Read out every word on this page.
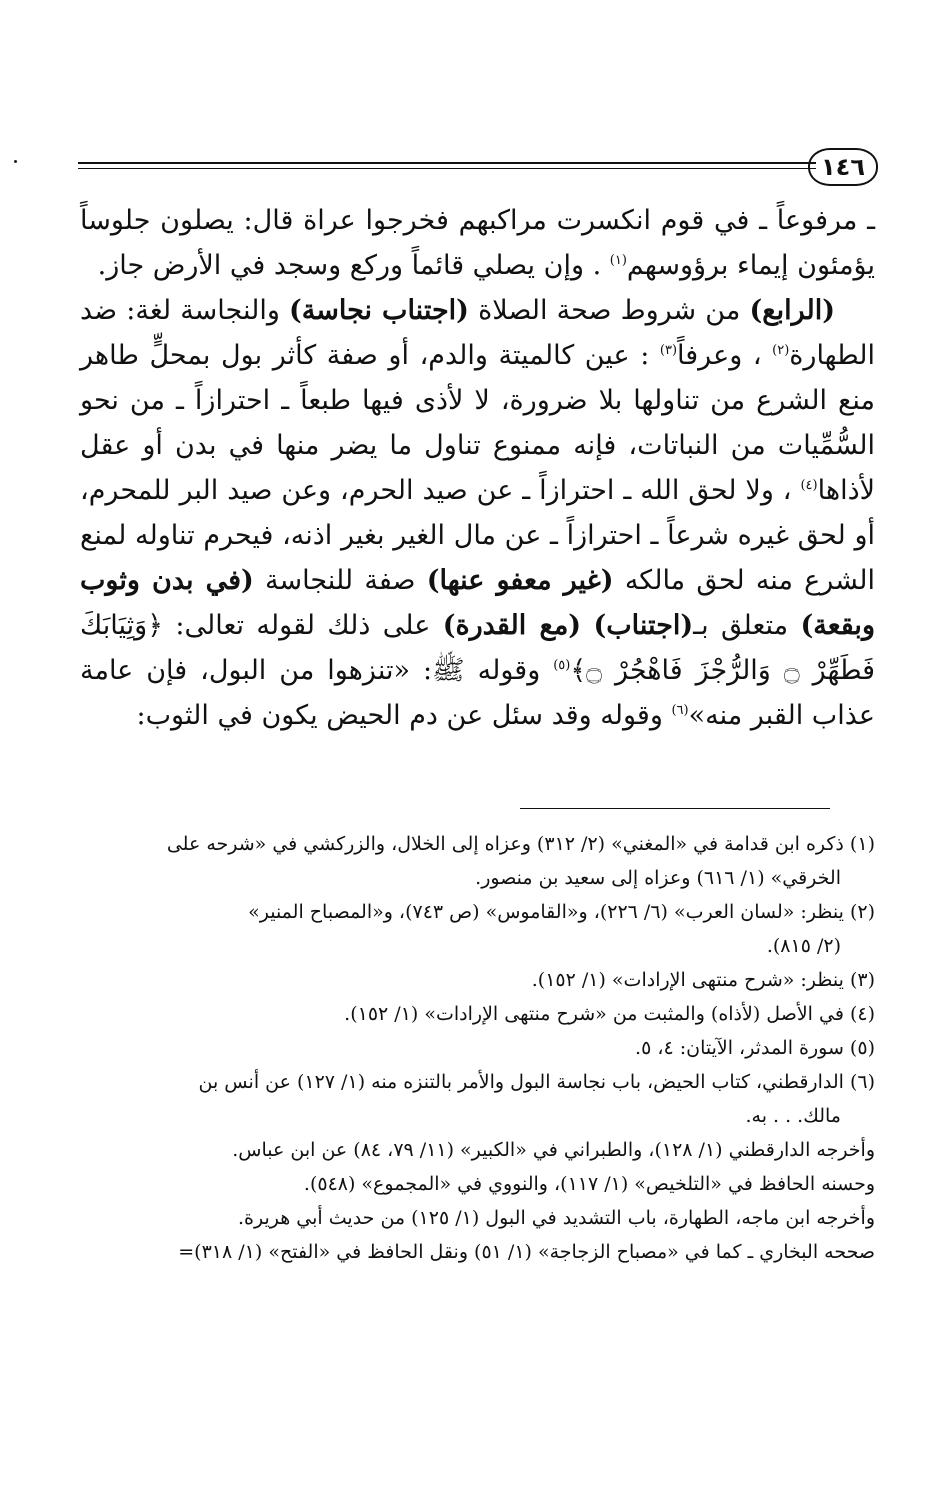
١٤٦

ـ مرفوعاً ـ في قوم انكسرت مراكبهم فخرجوا عراة قال: يصلون جلوساً يؤمئون إيماء برؤوسهم$^{(١)}$ . وإن يصلي قائماً وركع وسجد في الأرض جاز.

(الرابع) من شروط صحة الصلاة (اجتناب نجاسة) والنجاسة لغة: ضد الطهارة$^{(٢)}$ ، وعرفاً$^{(٣)}$ : عين كالميتة والدم، أو صفة كأثر بول بمحلٍّ طاهر منع الشرع من تناولها بلا ضرورة، لا لأذى فيها طبعاً ـ احترازاً ـ من نحو السُّمِّيات من النباتات، فإنه ممنوع تناول ما يضر منها في بدن أو عقل لأذاها$^{(٤)}$ ، ولا لحق الله ـ احترازاً ـ عن صيد الحرم، وعن صيد البر للمحرم، أو لحق غيره شرعاً ـ احترازاً ـ عن مال الغير بغير اذنه، فيحرم تناوله لمنع الشرع منه لحق مالكه (غير معفو عنها) صفة للنجاسة (في بدن وثوب وبقعة) متعلق بـ(اجتناب) (مع القدرة) على ذلك لقوله تعالى: ﴿وَثِيَابَكَ فَطَهِّرْ ۝ وَالرُّجْزَ فَاهْجُرْ ۝﴾$^{(٥)}$ وقوله ﷺ: «تنزهوا من البول، فإن عامة عذاب القبر منه»$^{(٦)}$ وقوله وقد سئل عن دم الحيض يكون في الثوب:

(١) ذكره ابن قدامة في «المغني» (٢/ ٣١٢) وعزاه إلى الخلال، والزركشي في «شرحه على

الخرقي» (١/ ٦١٦) وعزاه إلى سعيد بن منصور.

(٢) ينظر: «لسان العرب» (٦/ ٢٢٦)، و«القاموس» (ص ٧٤٣)، و«المصباح المنير»

(٢/ ٨١٥).

(٣) ينظر: «شرح منتهى الإرادات» (١/ ١٥٢).

(٤) في الأصل (لأذاه) والمثبت من «شرح منتهى الإرادات» (١/ ١٥٢).

(٥) سورة المدثر، الآيتان: ٤، ٥.

(٦) الدارقطني، كتاب الحيض، باب نجاسة البول والأمر بالتنزه منه (١/ ١٢٧) عن أنس بن

مالك. . . به.

وأخرجه الدارقطني (١/ ١٢٨)، والطبراني في «الكبير» (١١/ ٧٩، ٨٤) عن ابن عباس.

وحسنه الحافظ في «التلخيص» (١/ ١١٧)، والنووي في «المجموع» (٥٤٨).

وأخرجه ابن ماجه، الطهارة، باب التشديد في البول (١/ ١٢٥) من حديث أبي هريرة.

صححه البخاري ـ كما في «مصباح الزجاجة» (١/ ٥١) ونقل الحافظ في «الفتح» (١/ ٣١٨)=
